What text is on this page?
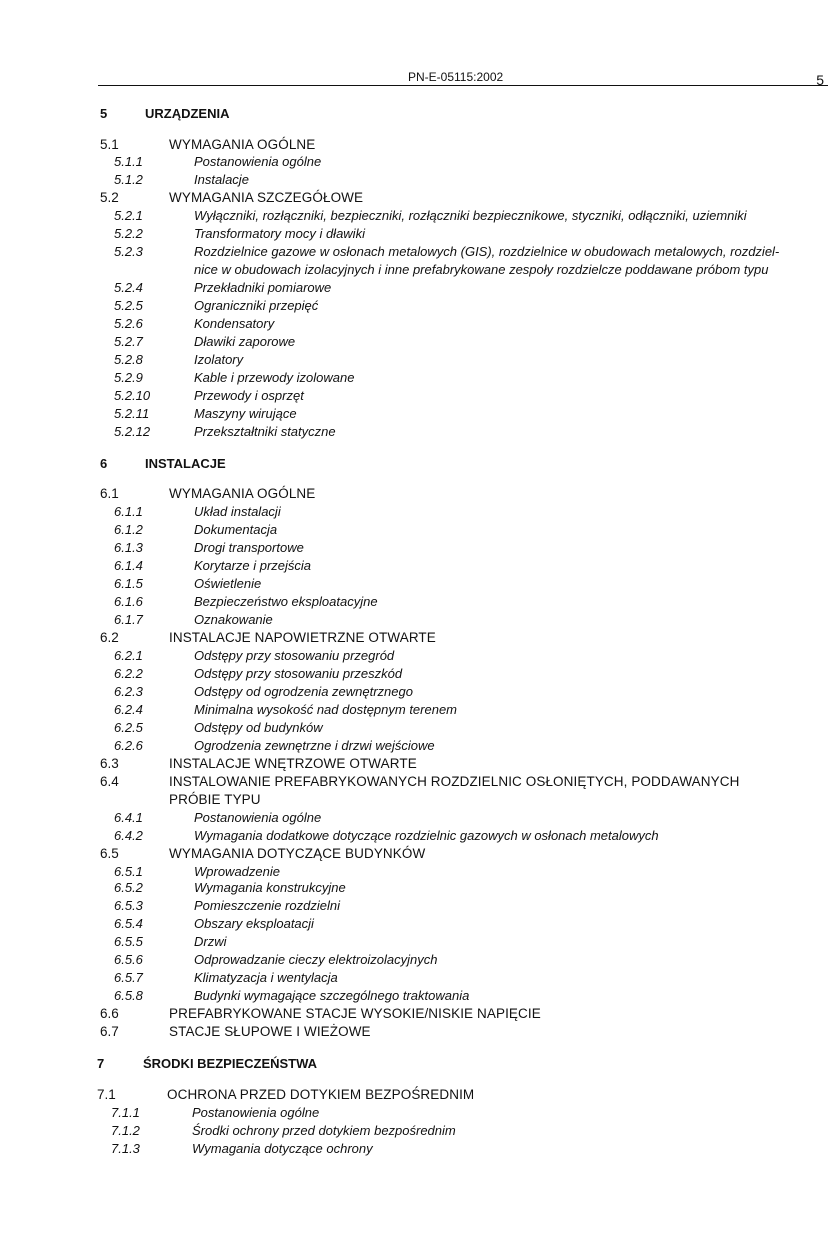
PN-E-05115:2002	5
5	URZĄDZENIA
5.1	WYMAGANIA OGÓLNE
5.1.1	Postanowienia ogólne
5.1.2	Instalacje
5.2	WYMAGANIA SZCZEGÓŁOWE
5.2.1	Wyłączniki, rozłączniki, bezpieczniki, rozłączniki bezpiecznikowe, styczniki, odłączniki, uziemniki
5.2.2	Transformatory mocy i dławiki
5.2.3	Rozdzielnice gazowe w osłonach metalowych (GIS), rozdzielnice w obudowach metalowych, rozdziel-
nice w obudowach izolacyjnych i inne prefabrykowane zespoły rozdzielcze poddawane próbom typu
5.2.4	Przekładniki pomiarowe
5.2.5	Ograniczniki przepięć
5.2.6	Kondensatory
5.2.7	Dławiki zaporowe
5.2.8	Izolatory
5.2.9	Kable i przewody izolowane
5.2.10	Przewody i osprzęt
5.2.11	Maszyny wirujące
5.2.12	Przekształtniki statyczne
6	INSTALACJE
6.1	WYMAGANIA OGÓLNE
6.1.1	Układ instalacji
6.1.2	Dokumentacja
6.1.3	Drogi transportowe
6.1.4	Korytarze i przejścia
6.1.5	Oświetlenie
6.1.6	Bezpieczeństwo eksploatacyjne
6.1.7	Oznakowanie
6.2	INSTALACJE NAPOWIETRZNE OTWARTE
6.2.1	Odstępy przy stosowaniu przegród
6.2.2	Odstępy przy stosowaniu przeszkód
6.2.3	Odstępy od ogrodzenia zewnętrznego
6.2.4	Minimalna wysokość nad dostępnym terenem
6.2.5	Odstępy od budynków
6.2.6	Ogrodzenia zewnętrzne i drzwi wejściowe
6.3	INSTALACJE WNĘTRZOWE OTWARTE
6.4	INSTALOWANIE PREFABRYKOWANYCH ROZDZIELNIC OSŁONIĘTYCH, PODDAWANYCH
PRÓBIE TYPU
6.4.1	Postanowienia ogólne
6.4.2	Wymagania dodatkowe dotyczące rozdzielnic gazowych w osłonach metalowych
6.5	WYMAGANIA DOTYCZĄCE BUDYNKÓW
6.5.1	Wprowadzenie
6.5.2	Wymagania konstrukcyjne
6.5.3	Pomieszczenie rozdzielni
6.5.4	Obszary eksploatacji
6.5.5	Drzwi
6.5.6	Odprowadzanie cieczy elektroizolacyjnych
6.5.7	Klimatyzacja i wentylacja
6.5.8	Budynki wymagające szczególnego traktowania
6.6	PREFABRYKOWANE STACJE WYSOKIE/NISKIE NAPIĘCIE
6.7	STACJE SŁUPOWE I WIEŻOWE
7	ŚRODKI BEZPIECZEŃSTWA
7.1	OCHRONA PRZED DOTYKIEM BEZPOŚREDNIM
7.1.1	Postanowienia ogólne
7.1.2	Środki ochrony przed dotykiem bezpośrednim
7.1.3	Wymagania dotyczące ochrony
